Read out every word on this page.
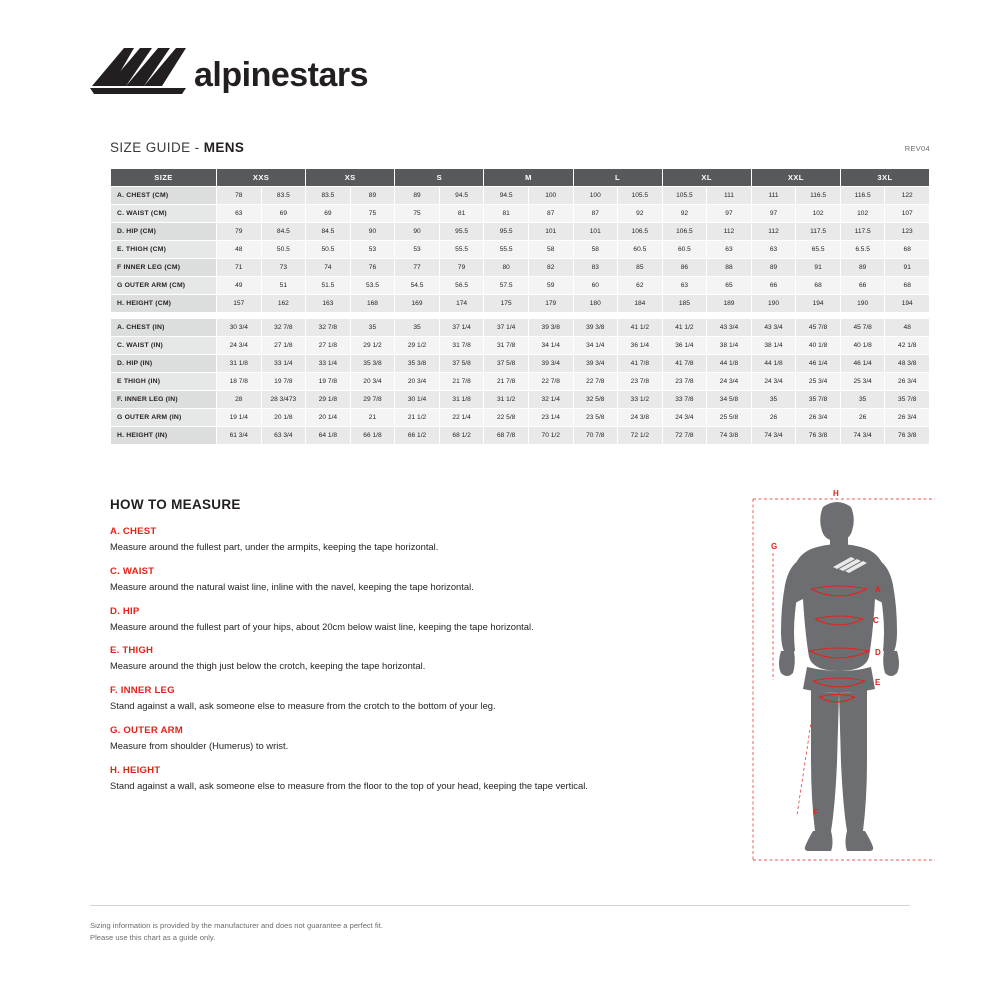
alpinestars
SIZE GUIDE - MENS	REV04
SIZE	XXS		XS		S		M		L		XL		XXL		3XL	
A. CHEST (CM)	78	83.5	83.5	89	89	94.5	94.5	100	100	105.5	105.5	111	111	116.5	116.5	122
C. WAIST (CM)	63	69	69	75	75	81	81	87	87	92	92	97	97	102	102	107
D. HIP (CM)	79	84.5	84.5	90	90	95.5	95.5	101	101	106.5	106.5	112	112	117.5	117.5	123
E. THIGH (CM)	48	50.5	50.5	53	53	55.5	55.5	58	58	60.5	60.5	63	63	65.5	6.5.5	68
F INNER LEG (CM)	71	73	74	76	77	79	80	82	83	85	86	88	89	91	89	91
G OUTER ARM (CM)	49	51	51.5	53.5	54.5	56.5	57.5	59	60	62	63	65	66	68	66	68
H. HEIGHT (CM)	157	162	163	168	169	174	175	179	180	184	185	189	190	194	190	194

A. CHEST (IN)	30 3/4	32 7/8	32 7/8	35	35	37 1/4	37 1/4	39 3/8	39 3/8	41 1/2	41 1/2	43 3/4	43 3/4	45 7/8	45 7/8	48
C. WAIST (IN)	24 3/4	27 1/8	27 1/8	29 1/2	29 1/2	31 7/8	31 7/8	34 1/4	34 1/4	36 1/4	36 1/4	38 1/4	38 1/4	40 1/8	40 1/8	42 1/8
D. HIP (IN)	31 1/8	33 1/4	33 1/4	35 3/8	35 3/8	37 5/8	37 5/8	39 3/4	39 3/4	41 7/8	41 7/8	44 1/8	44 1/8	46 1/4	46 1/4	48 3/8
E THIGH (IN)	18 7/8	19 7/8	19 7/8	20 3/4	20 3/4	21 7/8	21 7/8	22 7/8	22 7/8	23 7/8	23 7/8	24 3/4	24 3/4	25 3/4	25 3/4	26 3/4
F. INNER LEG (IN)	28	28 3/473	29 1/8	29 7/8	30 1/4	31 1/8	31 1/2	32 1/4	32 5/8	33 1/2	33 7/8	34 5/8	35	35 7/8	35	35 7/8
G OUTER ARM (IN)	19 1/4	20 1/8	20 1/4	21	21 1/2	22 1/4	22 5/8	23 1/4	23 5/8	24 3/8	24 3/4	25 5/8	26	26 3/4	26	26 3/4
H. HEIGHT (IN)	61 3/4	63 3/4	64 1/8	66 1/8	66 1/2	68 1/2	68 7/8	70 1/2	70 7/8	72 1/2	72 7/8	74 3/8	74 3/4	76 3/8	74 3/4	76 3/8
HOW TO MEASURE
A. CHEST
Measure around the fullest part, under the armpits, keeping the tape horizontal.
C. WAIST
Measure around the natural waist line, inline with the navel, keeping the tape horizontal.
D. HIP
Measure around the fullest part of your hips, about 20cm below waist line, keeping the tape horizontal.
E. THIGH
Measure around the thigh just below the crotch, keeping the tape horizontal.
F. INNER LEG
Stand against a wall, ask someone else to measure from the crotch to the bottom of your leg.
G. OUTER ARM
Measure from shoulder (Humerus) to wrist.
H. HEIGHT
Stand against a wall, ask someone else to measure from the floor to the top of your head, keeping the tape vertical.
H
G
A
C
D
E
F
Sizing information is provided by the manufacturer and does not guarantee a perfect fit.
Please use this chart as a guide only.
